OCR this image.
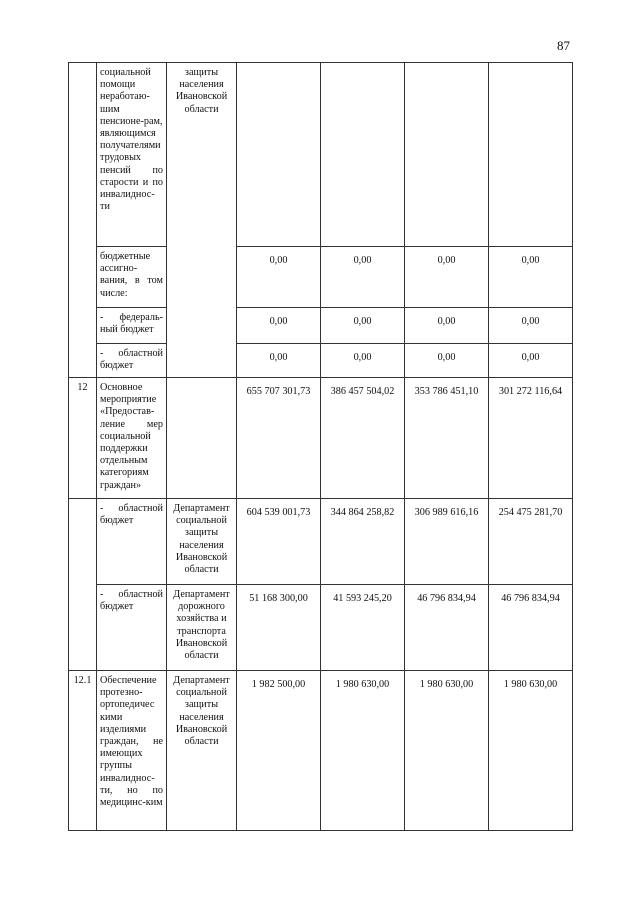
87
	социальной помощи неработаю-шим пенсионе-рам, являющимся получателями трудовых пенсий по старости и по инвалиднос-ти	защиты населения Ивановской области				
	бюджетные ассигно-вания, в том числе:		0,00	0,00	0,00	0,00
	- федераль-ный бюджет		0,00	0,00	0,00	0,00
	- областной бюджет		0,00	0,00	0,00	0,00
12	Основное мероприятие «Предостав-ление мер социальной поддержки отдельным категориям граждан»		655 707 301,73	386 457 504,02	353 786 451,10	301 272 116,64
	- областной бюджет	Департамент социальной защиты населения Ивановской области	604 539 001,73	344 864 258,82	306 989 616,16	254 475 281,70
	- областной бюджет	Департамент дорожного хозяйства и транспорта Ивановской области	51 168 300,00	41 593 245,20	46 796 834,94	46 796 834,94
12.1	Обеспечение протезно-ортопедичес кими изделиями граждан, не имеющих группы инвалиднос-ти, но по медицинс-ким	Департамент социальной защиты населения Ивановской области	1 982 500,00	1 980 630,00	1 980 630,00	1 980 630,00
